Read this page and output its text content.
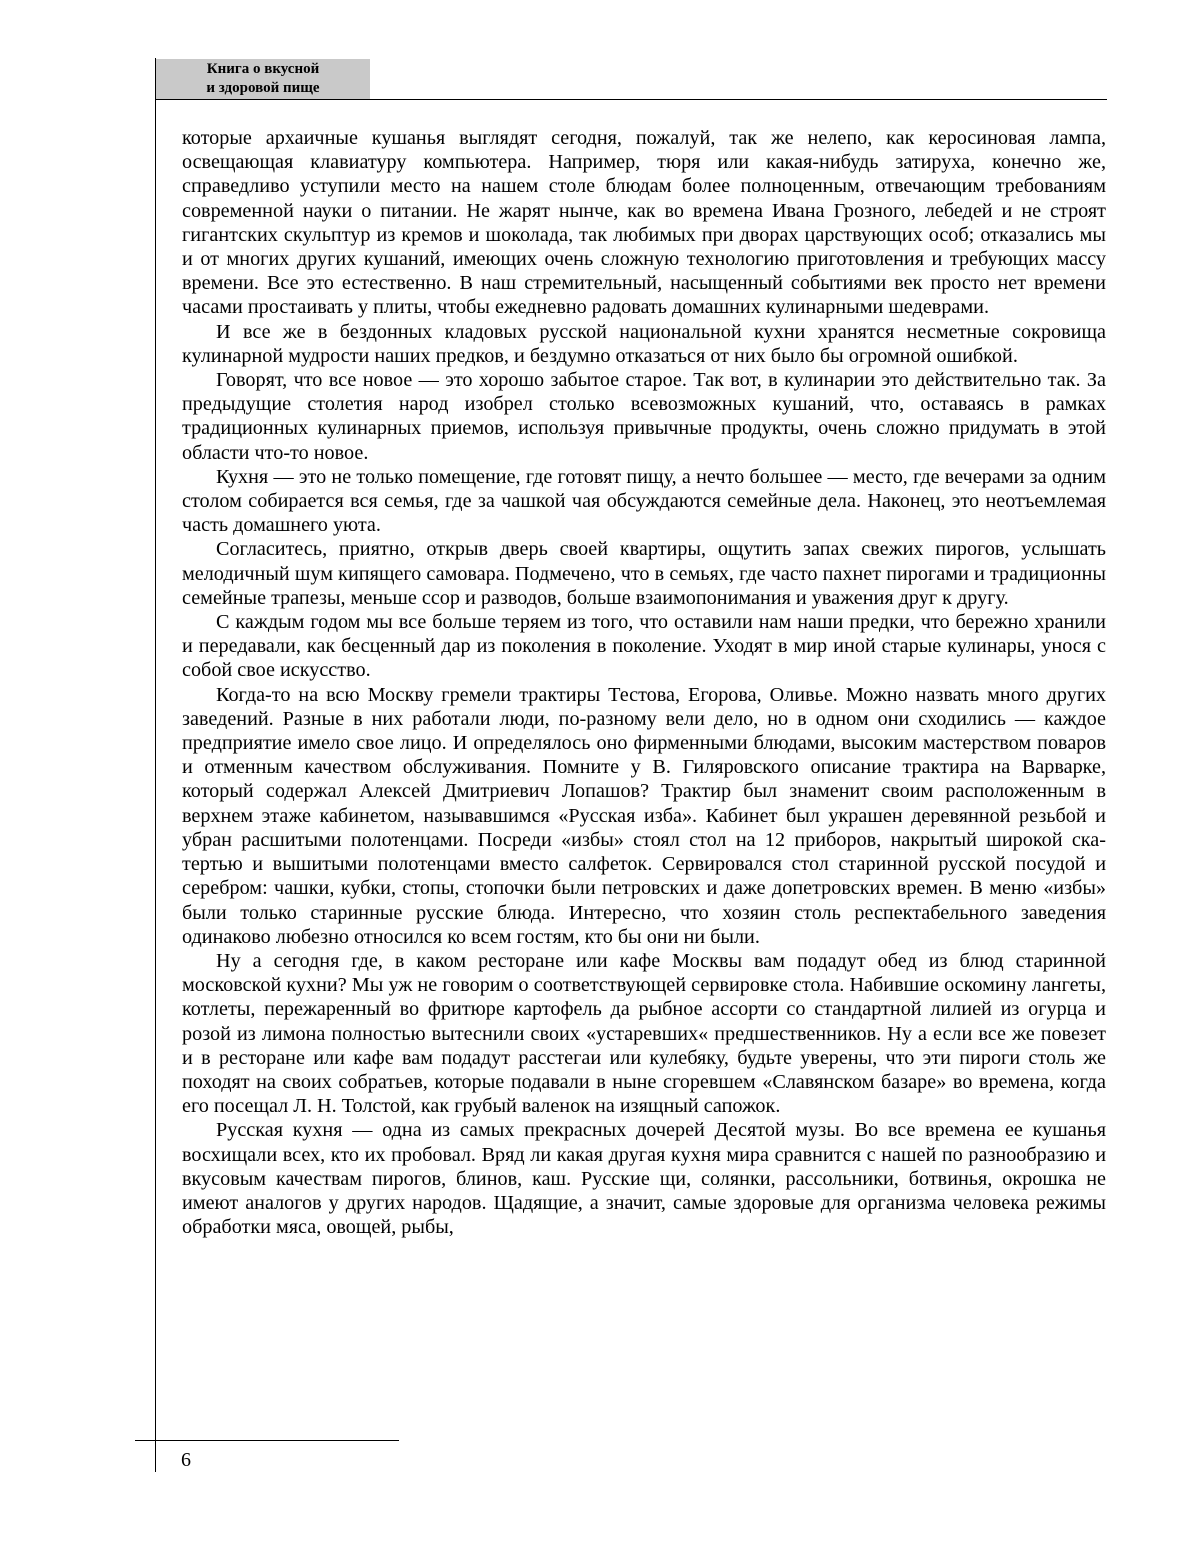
Книга о вкусной
и здоровой пище

которые архаичные кушанья выглядят сегодня, пожалуй, так же нелепо, как керосиновая лампа, освещающая клавиатуру компьютера. Например, тюря или какая-нибудь затируха, конечно же, справедливо уступили место на нашем столе блюдам более полноценным, отвечающим требованиям современной науки о питании. Не жарят нынче, как во времена Ивана Грозного, лебедей и не строят гигантских скульптур из кремов и шоколада, так любимых при дворах царствующих особ; отказались мы и от многих других кушаний, имеющих очень сложную технологию приготовления и требующих массу времени. Все это естественно. В наш стремительный, насыщенный событиями век просто нет времени часами простаивать у плиты, чтобы ежедневно радовать домашних кулинарными шедеврами.

И все же в бездонных кладовых русской национальной кухни хранятся несметные сокровища кулинарной мудрости наших предков, и бездумно отказаться от них было бы огромной ошибкой.

Говорят, что все новое — это хорошо забытое старое. Так вот, в кулинарии это действительно так. За предыдущие столетия народ изобрел столько всевозможных кушаний, что, оставаясь в рамках традиционных кулинарных приемов, используя привычные продукты, очень сложно придумать в этой области что-то новое.

Кухня — это не только помещение, где готовят пищу, а нечто большее — место, где вечерами за одним столом собирается вся семья, где за чашкой чая обсуждаются семейные дела. Наконец, это неотъемлемая часть домашнего уюта.

Согласитесь, приятно, открыв дверь своей квартиры, ощутить запах свежих пирогов, услышать мелодичный шум кипящего самовара. Подмечено, что в семьях, где часто пахнет пирогами и традиционны семейные трапезы, меньше ссор и разводов, больше взаимопонимания и уважения друг к другу.

С каждым годом мы все больше теряем из того, что оставили нам наши предки, что бережно хранили и передавали, как бесценный дар из поколения в поколение. Уходят в мир иной старые кулинары, унося с собой свое искусство.

Когда-то на всю Москву гремели трактиры Тестова, Егорова, Оливье. Можно назвать много других заведений. Разные в них работали люди, по-разному вели дело, но в одном они сходились — каждое предприятие имело свое лицо. И определялось оно фирменными блюдами, высоким мастерством поваров и отменным качеством обслуживания. Помните у В. Гиляровского описание трактира на Варварке, который содержал Алексей Дмитриевич Лопашов? Трактир был знаменит своим расположенным в верхнем этаже кабинетом, называвшимся «Русская изба». Кабинет был украшен деревянной резьбой и убран расшитыми полотенцами. Посреди «избы» стоял стол на 12 приборов, накрытый широкой скатертью и вышитыми полотенцами вместо салфеток. Сервировался стол старинной русской посудой и серебром: чашки, кубки, стопы, стопочки были петровских и даже допетровских времен. В меню «избы» были только старинные русские блюда. Интересно, что хозяин столь респектабельного заведения одинаково любезно относился ко всем гостям, кто бы они ни были.

Ну а сегодня где, в каком ресторане или кафе Москвы вам подадут обед из блюд старинной московской кухни? Мы уж не говорим о соответствующей сервировке стола. Набившие оскомину лангеты, котлеты, пережаренный во фритюре картофель да рыбное ассорти со стандартной лилией из огурца и розой из лимона полностью вытеснили своих «устаревших« предшественников. Ну а если все же повезет и в ресторане или кафе вам подадут расстегаи или кулебяку, будьте уверены, что эти пироги столь же походят на своих собратьев, которые подавали в ныне сгоревшем «Славянском базаре» во времена, когда его посещал Л. Н. Толстой, как грубый валенок на изящный сапожок.

Русская кухня — одна из самых прекрасных дочерей Десятой музы. Во все времена ее кушанья восхищали всех, кто их пробовал. Вряд ли какая другая кухня мира сравнится с нашей по разнообразию и вкусовым качествам пирогов, блинов, каш. Русские щи, солянки, рассольники, ботвинья, окрошка не имеют аналогов у других народов. Щадящие, а значит, самые здоровые для организма человека режимы обработки мяса, овощей, рыбы,

6
